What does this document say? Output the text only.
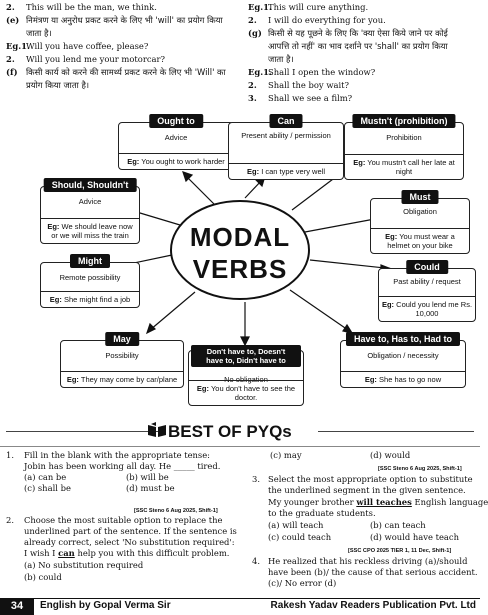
2. This will be the man, we think.
(e) निमंत्रण या अनुरोध प्रकट करने के लिए भी 'will' का प्रयोग किया
जाता है।
Eg.1.
Will you have coffee, please?
2. Will you lend me your motorcar?
(f) किसी कार्य को करने की सामर्थ्य प्रकट करने के लिए भी 'Will' का
प्रयोग किया जाता है।
Eg.1.
This will cure anything.
2. I will do everything for you.
(g) किसी से यह पूछने के लिए कि 'क्या ऐसा किये जाने पर कोई
आपत्ति तो नहीं' का भाव दर्शाने पर 'shall' का प्रयोग किया
जाता है।
Eg.1.
Shall I open the window?
2. Shall the boy wait?
3. Shall we see a film?
MODAL
VERBS
Ought to
Advice
Eg: You ought to work harder
Can
Present ability / permission
Eg: I can type very well
Mustn't (prohibition)
Prohibition
Eg: You mustn't call her late at night
Should, Shouldn't
Advice
Eg: We should leave now or we will miss the train
Must
Obligation
Eg: You must wear a helmet on your bike
Might
Remote possibility
Eg: She might find a job
Could
Past ability / request
Eg: Could you lend me Rs. 10,000
May
Possibility
Eg: They may come by car/plane
Don't have to, Doesn't have to, Didn't have to
No obligation
Eg: You don't have to see the doctor.
Have to, Has to, Had to
Obligation / necessity
Eg: She has to go now
BEST OF PYQs
1. Fill in the blank with the appropriate tense:
Jobin has been working all day. He _____ tired.
(a) can be	(b) will be
(c) shall be	(d) must be
[SSC Steno 6 Aug 2025, Shift-1]
2. Choose the most suitable option to replace the
underlined part of the sentence. If the sentence is
already correct, select 'No substitution required':
I wish I can help you with this difficult problem.
(a) No substitution required
(b) could
(c) may	(d) would
[SSC Steno 6 Aug 2025, Shift-1]
3. Select the most appropriate option to substitute
the underlined segment in the given sentence.
My younger brother will teaches English language
to the graduate students.
(a) will teach	(b) can teach
(c) could teach	(d) would have teach
[SSC CPO 2025 TIER 1, 11 Dec, Shift-1]
4. He realized that his reckless driving (a)/should
have been (b)/ the cause of that serious accident.
(c)/ No error (d)
34	English by Gopal Verma Sir	Rakesh Yadav Readers Publication Pvt. Ltd
